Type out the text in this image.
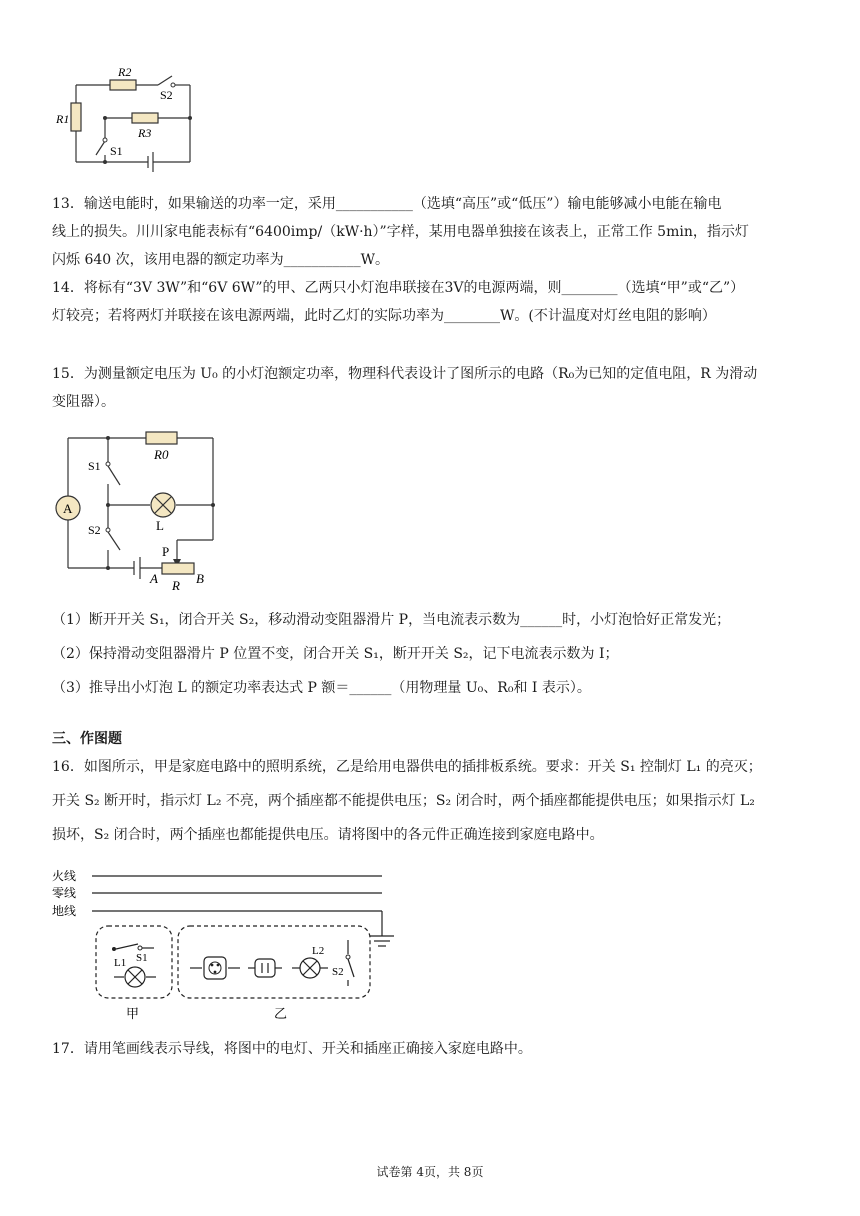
R2
R1
R3
S2
S1
13．输送电能时，如果输送的功率一定，采用___________（选填“高压”或“低压”）输电能够减小电能在输电
线上的损失。川川家电能表标有“6400imp/（kW·h）”字样，某用电器单独接在该表上，正常工作 5min，指示灯
闪烁 640 次，该用电器的额定功率为___________W。
14．将标有“3V 3W”和“6V 6W”的甲、乙两只小灯泡串联接在3V的电源两端，则________（选填“甲”或“乙”）
灯较亮；若将两灯并联接在该电源两端，此时乙灯的实际功率为________W。(不计温度对灯丝电阻的影响）
15．为测量额定电压为 U₀ 的小灯泡额定功率，物理科代表设计了图所示的电路（R₀为已知的定值电阻，R 为滑动
变阻器）。
A
S1
S2
R0
L
P
A R B
（1）断开开关 S₁，闭合开关 S₂，移动滑动变阻器滑片 P，当电流表示数为______时，小灯泡恰好正常发光；
（2）保持滑动变阻器滑片 P 位置不变，闭合开关 S₁，断开开关 S₂，记下电流表示数为 I；
（3）推导出小灯泡 L 的额定功率表达式 P 额＝______（用物理量 U₀、R₀和 I 表示）。
三、作图题
16．如图所示，甲是家庭电路中的照明系统，乙是给用电器供电的插排板系统。要求：开关 S₁ 控制灯 L₁ 的亮灭；
开关 S₂ 断开时，指示灯 L₂ 不亮，两个插座都不能提供电压；S₂ 闭合时，两个插座都能提供电压；如果指示灯 L₂
损坏，S₂ 闭合时，两个插座也都能提供电压。请将图中的各元件正确连接到家庭电路中。
火线
零线
地线
S1
L1
L2
S2
甲	乙
17．请用笔画线表示导线，将图中的电灯、开关和插座正确接入家庭电路中。
试卷第 4页，共 8页
